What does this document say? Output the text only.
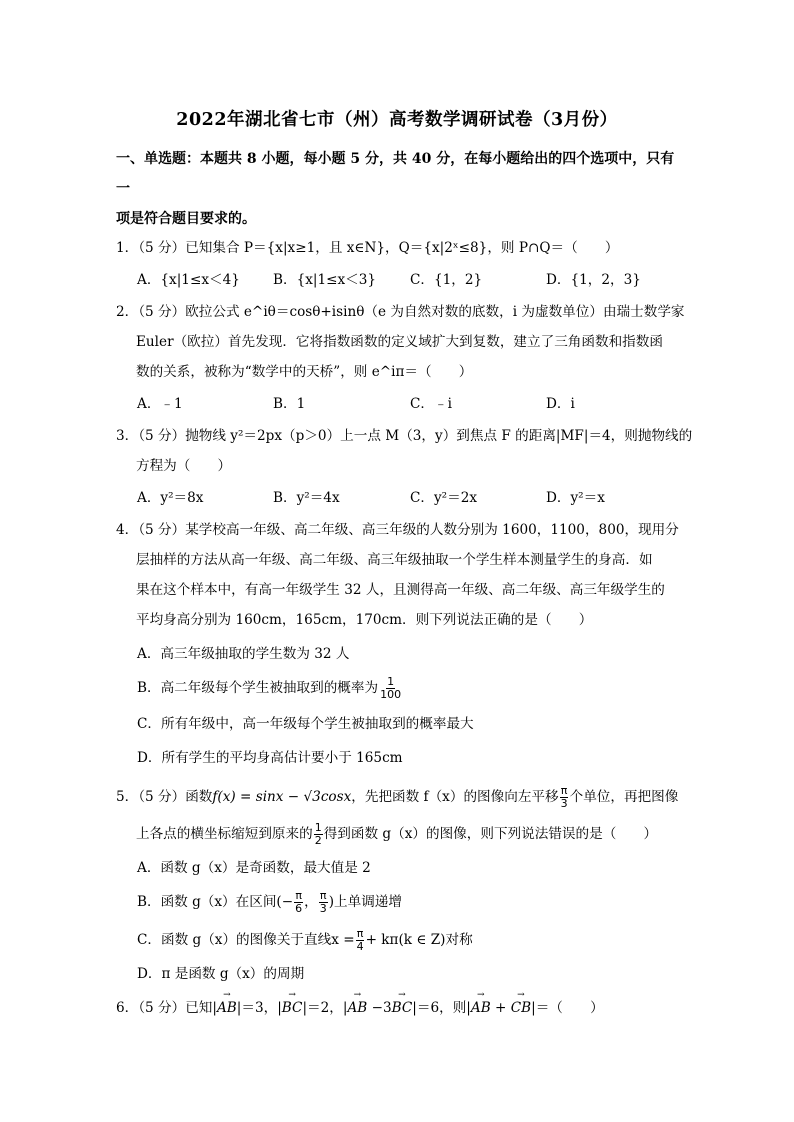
2022年湖北省七市（州）高考数学调研试卷（3月份）
一、单选题：本题共 8 小题，每小题 5 分，共 40 分，在每小题给出的四个选项中，只有一
项是符合题目要求的。
1．（5 分）已知集合 P＝{x|x≥1，且 x∈N}，Q＝{x|2ˣ≤8}，则 P∩Q＝（　　）
A．{x|1≤x＜4} B．{x|1≤x＜3} C．{1，2}	D．{1，2，3}
2．（5 分）欧拉公式 e^iθ＝cosθ+isinθ（e 为自然对数的底数，i 为虚数单位）由瑞士数学家
Euler（欧拉）首先发现．它将指数函数的定义域扩大到复数，建立了三角函数和指数函
数的关系，被称为“数学中的天桥”，则 e^iπ＝（　　）
A．﹣1	B．1	C．﹣i	D．i
3．（5 分）抛物线 y²＝2px（p＞0）上一点 M（3，y）到焦点 F 的距离|MF|＝4，则抛物线的
方程为（　　）
A．y²＝8x	B．y²＝4x	C．y²＝2x	D．y²＝x
4．（5 分）某学校高一年级、高二年级、高三年级的人数分别为 1600，1100，800，现用分
层抽样的方法从高一年级、高二年级、高三年级抽取一个学生样本测量学生的身高．如
果在这个样本中，有高一年级学生 32 人，且测得高一年级、高二年级、高三年级学生的
平均身高分别为 160cm，165cm，170cm．则下列说法正确的是（　　）
A．高三年级抽取的学生数为 32 人
B．高二年级每个学生被抽取到的概率为 $\frac{1}{100}$
C．所有年级中，高一年级每个学生被抽取到的概率最大
D．所有学生的平均身高估计要小于 165cm
5．（5 分）函数f(x) = sinx − √3cosx，先把函数 f（x）的图像向左平移 $\frac{\pi}{3}$ 个单位，再把图像
上各点的横坐标缩短到原来的 $\frac{1}{2}$ 得到函数 g（x）的图像，则下列说法错误的是（　　）
A．函数 g（x）是奇函数，最大值是 2
B．函数 g（x）在区间(− $\frac{\pi}{6}$ ， $\frac{\pi}{3}$ )上单调递增
C．函数 g（x）的图像关于直线$x = \frac{\pi}{4} + k\pi(k$ ∈ Z)对称
D．π 是函数 g（x）的周期
6．（5 分）已知|→ AB|＝3，|→ BC|＝2，|→ AB −3→ BC|＝6，则|→ AB + → CB|＝（　　）
